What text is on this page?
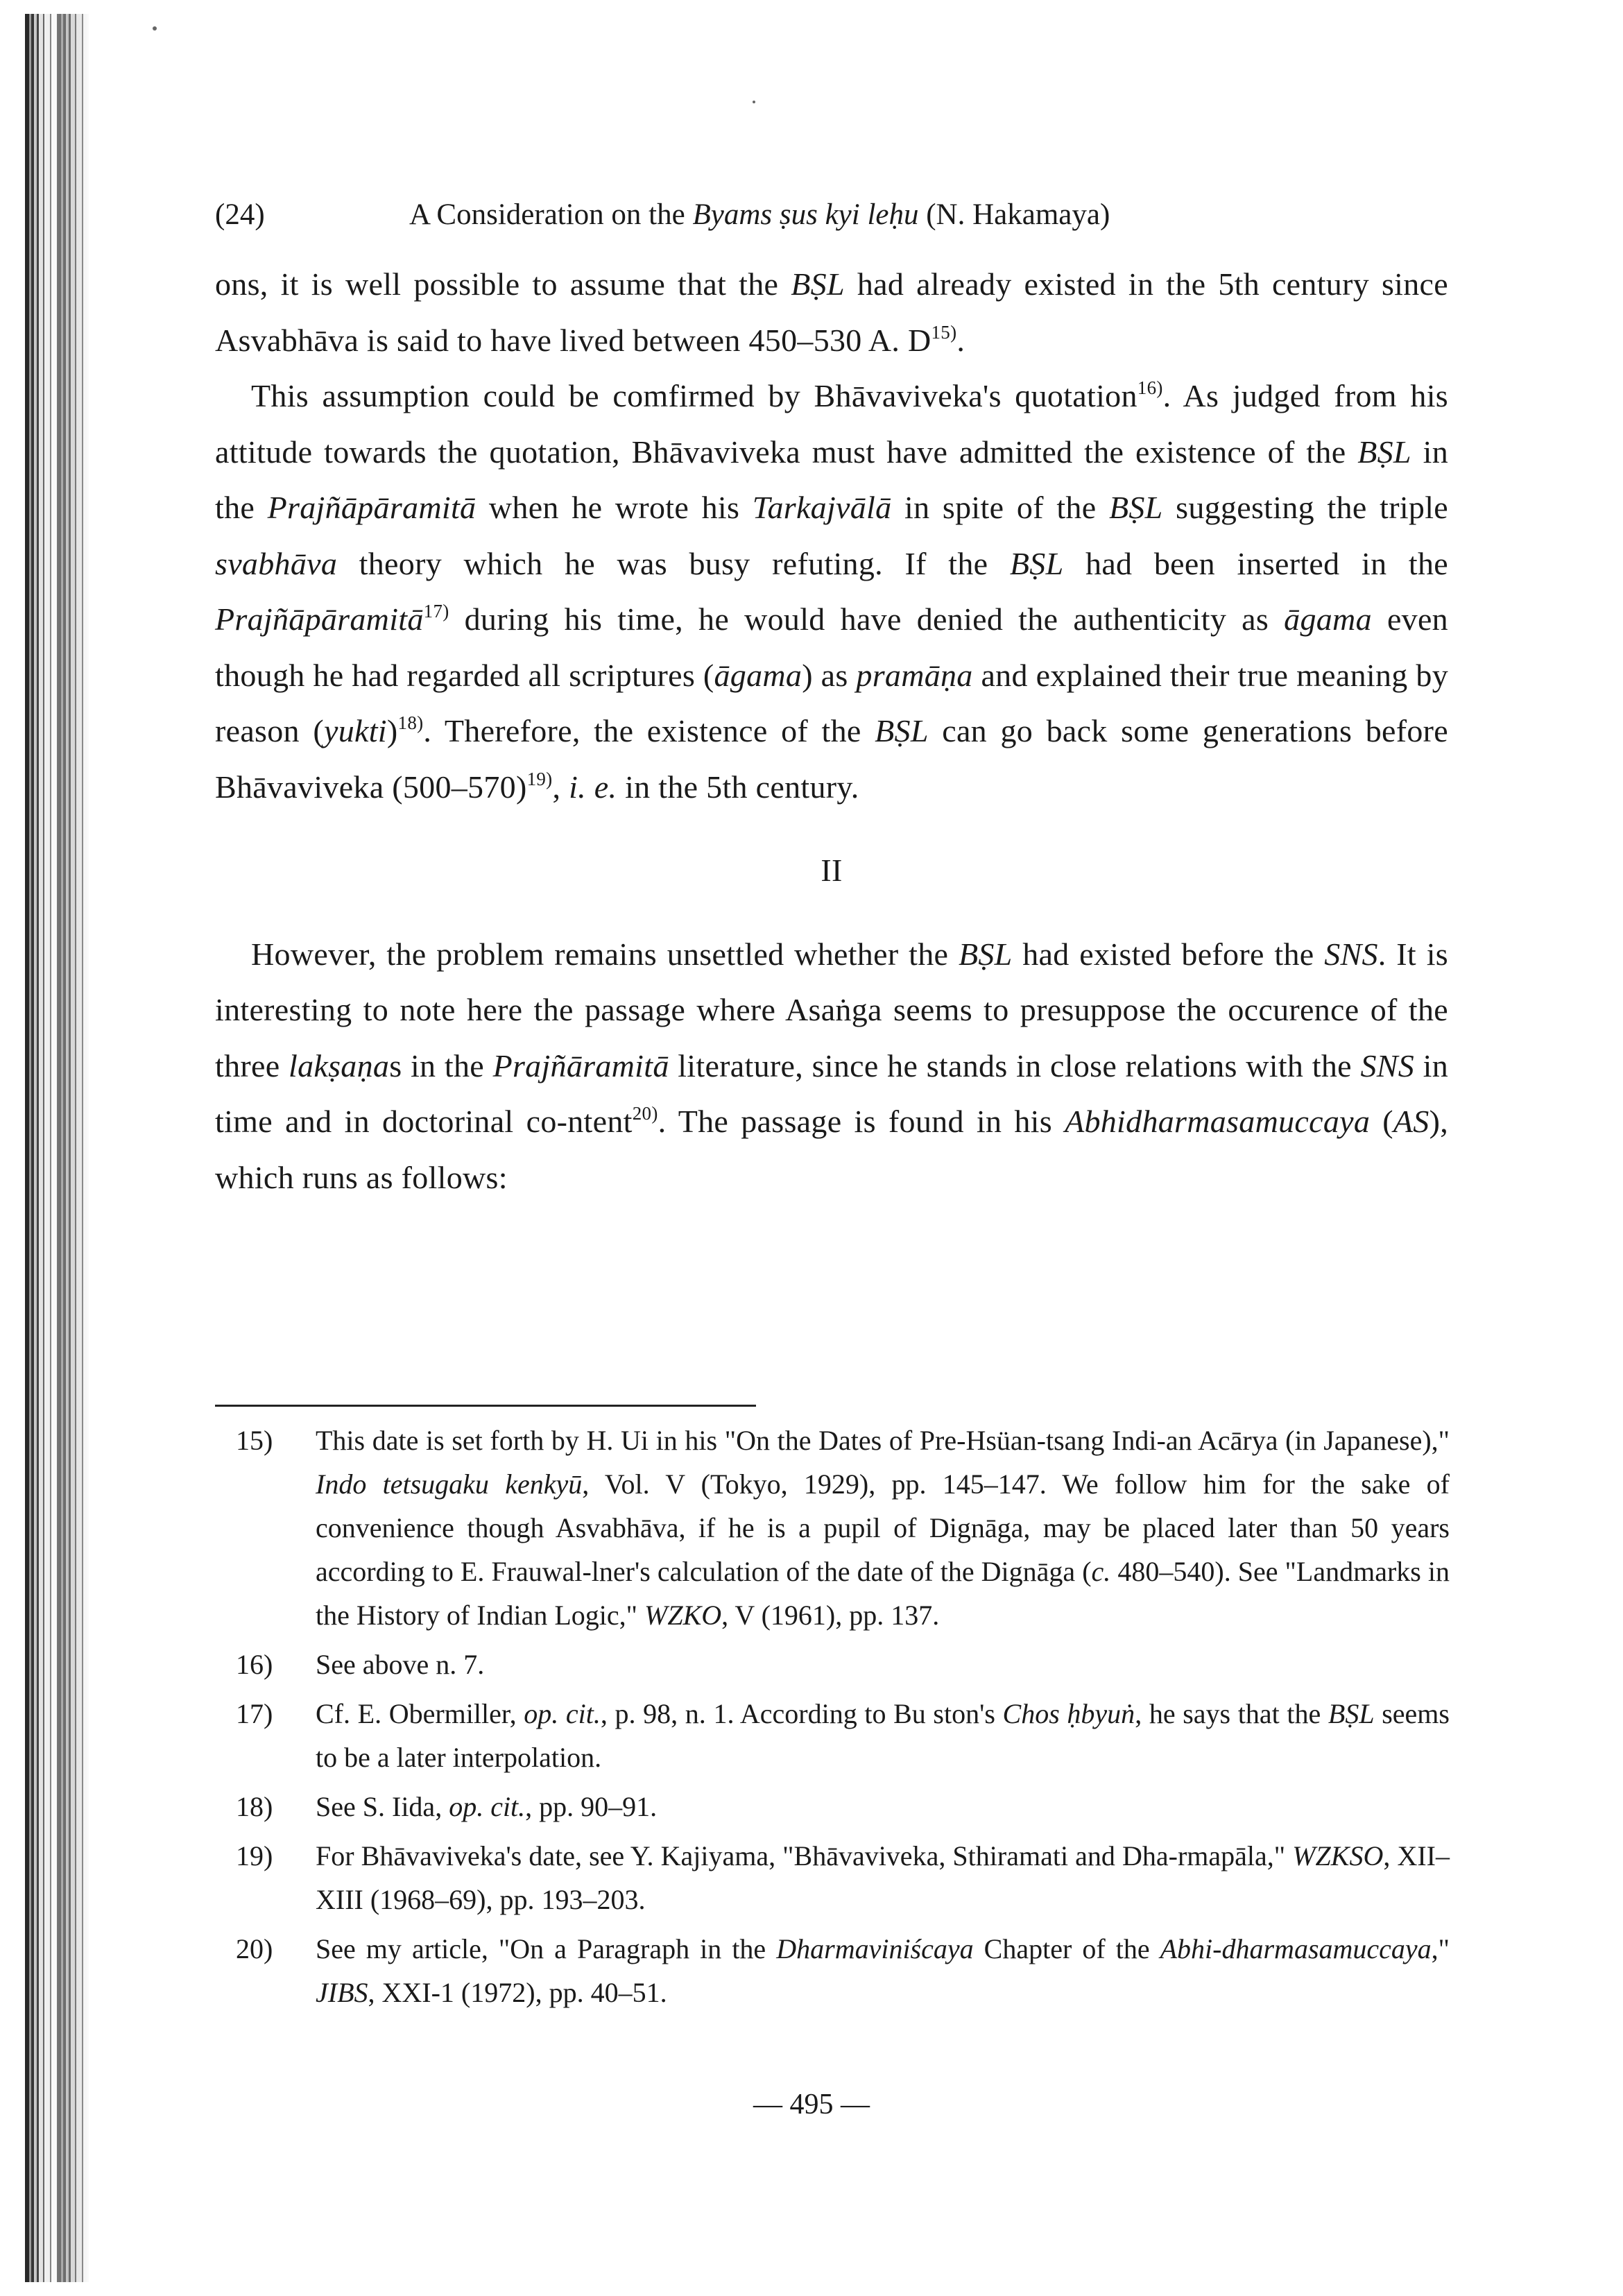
(24)	A Consideration on the Byams ṣus kyi leḥu (N. Hakamaya)

ons, it is well possible to assume that the BṢL had already existed in the 5th century since Asvabhāva is said to have lived between 450–530 A. $D^{15)}$.

This assumption could be comfirmed by Bhāvaviveka's quotation$^{16)}$. As judged from his attitude towards the quotation, Bhāvaviveka must have admitted the existence of the BṢL in the Prajñāpāramitā when he wrote his Tarkajvālā in spite of the BṢL suggesting the triple svabhāva theory which he was busy refuting. If the BṢL had been inserted in the Prajñāpāramitā$^{17)}$ during his time, he would have denied the authenticity as āgama even though he had regarded all scriptures (āgama) as pramāṇa and explained their true meaning by reason (yukti)$^{18)}$. Therefore, the existence of the BṢL can go back some generations before Bhāvaviveka $(500-570)^{19)}$, i. e. in the 5th century.

II

However, the problem remains unsettled whether the BṢL had existed before the SNS. It is interesting to note here the passage where Asaṅga seems to presuppose the occurence of the three lakṣaṇas in the Prajñāramitā literature, since he stands in close relations with the SNS in time and in doctorinal co-ntent$^{20)}$. The passage is found in his Abhidharmasamuccaya (AS), which runs as follows:

15) This date is set forth by H. Ui in his "On the Dates of Pre-Hsüan-tsang Indi-an Acārya (in Japanese)," Indo tetsugaku kenkyū, Vol. V (Tokyo, 1929), pp. 145–147. We follow him for the sake of convenience though Asvabhāva, if he is a pupil of Dignāga, may be placed later than 50 years according to E. Frauwal-lner's calculation of the date of the Dignāga (c. 480–540). See "Landmarks in the History of Indian Logic," WZKO, V (1961), pp. 137.
16) See above n. 7.
17) Cf. E. Obermiller, op. cit., p. 98, n. 1. According to Bu ston's Chos ḥbyuṅ, he says that the BṢL seems to be a later interpolation.
18) See S. Iida, op. cit., pp. 90–91.
19) For Bhāvaviveka's date, see Y. Kajiyama, "Bhāvaviveka, Sthiramati and Dha-rmapāla," WZKSO, XII–XIII (1968–69), pp. 193–203.
20) See my article, "On a Paragraph in the Dharmaviniścaya Chapter of the Abhi-dharmasamuccaya," JIBS, XXI-1 (1972), pp. 40–51.
— 495 —
